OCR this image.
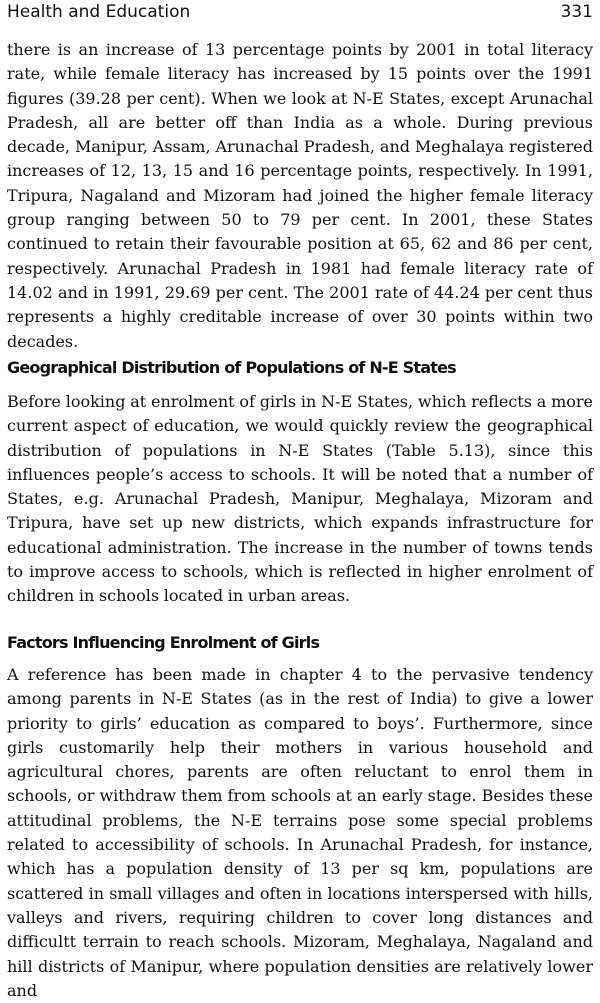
Health and Education	331

there is an increase of 13 percentage points by 2001 in total literacy rate, while female literacy has increased by 15 points over the 1991 figures (39.28 per cent). When we look at N-E States, except Arunachal Pradesh, all are better off than India as a whole. During previous decade, Manipur, Assam, Arunachal Pradesh, and Meghalaya registered increases of 12, 13, 15 and 16 percentage points, respectively. In 1991, Tripura, Nagaland and Mizoram had joined the higher female literacy group ranging between 50 to 79 per cent. In 2001, these States continued to retain their favourable position at 65, 62 and 86 per cent, respectively. Arunachal Pradesh in 1981 had female literacy rate of 14.02 and in 1991, 29.69 per cent. The 2001 rate of 44.24 per cent thus represents a highly creditable increase of over 30 points within two decades.

Geographical Distribution of Populations of N-E States

Before looking at enrolment of girls in N-E States, which reflects a more current aspect of education, we would quickly review the geographical distribution of populations in N-E States (Table 5.13), since this influences people’s access to schools. It will be noted that a number of States, e.g. Arunachal Pradesh, Manipur, Meghalaya, Mizoram and Tripura, have set up new districts, which expands infrastructure for educational administration. The increase in the number of towns tends to improve access to schools, which is reflected in higher enrolment of children in schools located in urban areas.

Factors Influencing Enrolment of Girls

A reference has been made in chapter 4 to the pervasive tendency among parents in N-E States (as in the rest of India) to give a lower priority to girls’ education as compared to boys’. Furthermore, since girls customarily help their mothers in various household and agricultural chores, parents are often reluctant to enrol them in schools, or withdraw them from schools at an early stage. Besides these attitudinal problems, the N-E terrains pose some special problems related to accessibility of schools. In Arunachal Pradesh, for instance, which has a population density of 13 per sq km, populations are scattered in small villages and often in locations interspersed with hills, valleys and rivers, requiring children to cover long distances and difficultt terrain to reach schools. Mizoram, Meghalaya, Nagaland and hill districts of Manipur, where population densities are relatively lower and
